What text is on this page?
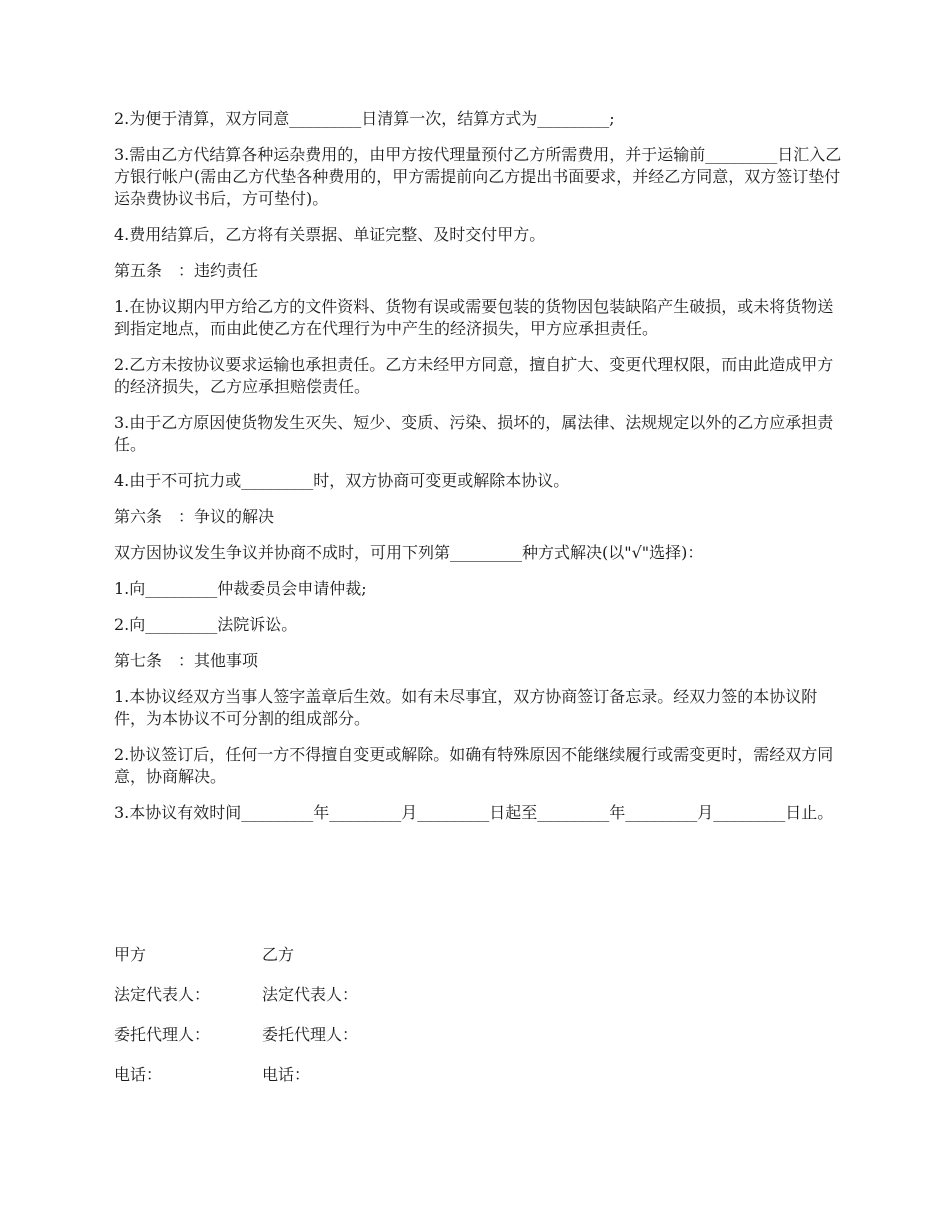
2.为便于清算，双方同意_________日清算一次，结算方式为_________;

3.需由乙方代结算各种运杂费用的，由甲方按代理量预付乙方所需费用，并于运输前_________日汇入乙方银行帐户(需由乙方代垫各种费用的，甲方需提前向乙方提出书面要求，并经乙方同意，双方签订垫付运杂费协议书后，方可垫付)。

4.费用结算后，乙方将有关票据、单证完整、及时交付甲方。

第五条　：违约责任

1.在协议期内甲方给乙方的文件资料、货物有误或需要包装的货物因包装缺陷产生破损，或未将货物送到指定地点，而由此使乙方在代理行为中产生的经济损失，甲方应承担责任。

2.乙方未按协议要求运输也承担责任。乙方未经甲方同意，擅自扩大、变更代理权限，而由此造成甲方的经济损失，乙方应承担赔偿责任。

3.由于乙方原因使货物发生灭失、短少、变质、污染、损坏的，属法律、法规规定以外的乙方应承担责任。

4.由于不可抗力或_________时，双方协商可变更或解除本协议。

第六条　：争议的解决

双方因协议发生争议并协商不成时，可用下列第_________种方式解决(以"√"选择)：

1.向_________仲裁委员会申请仲裁;

2.向_________法院诉讼。

第七条　：其他事项

1.本协议经双方当事人签字盖章后生效。如有未尽事宜，双方协商签订备忘录。经双力签的本协议附件，为本协议不可分割的组成部分。

2.协议签订后，任何一方不得擅自变更或解除。如确有特殊原因不能继续履行或需变更时，需经双方同意，协商解决。

3.本协议有效时间_________年_________月_________日起至_________年_________月_________日止。

甲方	乙方
法定代表人：	法定代表人：
委托代理人：	委托代理人：
电话：	电话：
